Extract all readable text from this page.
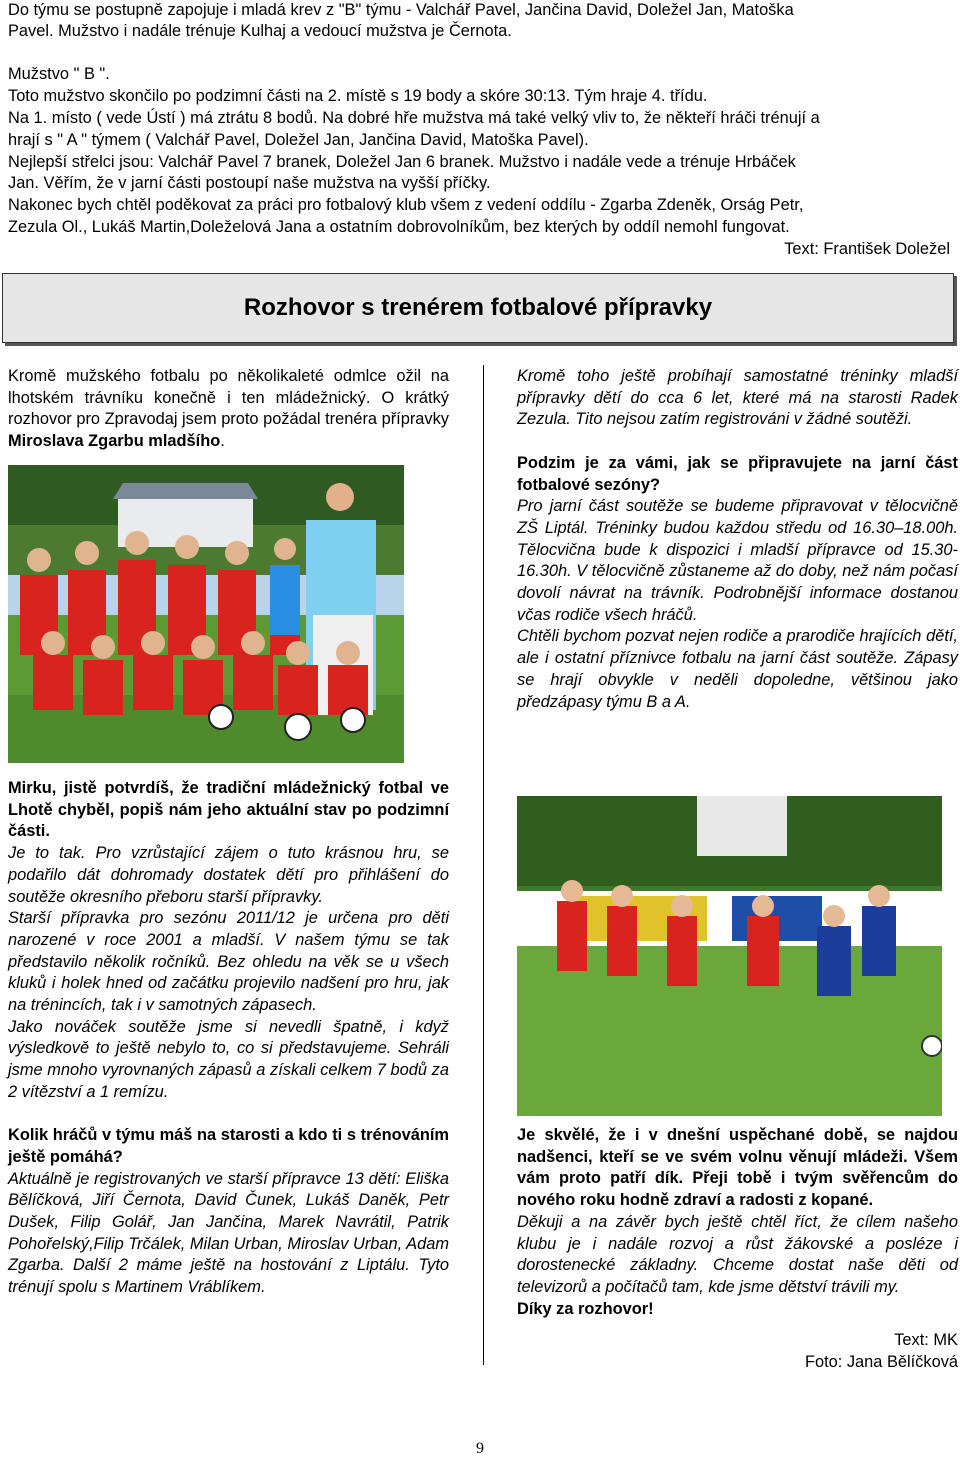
Do týmu se postupně zapojuje i mladá krev z "B" týmu - Valchář Pavel, Jančina David, Doležel Jan, Matoška

Pavel. Mužstvo i nadále trénuje Kulhaj a vedoucí mužstva je Černota.

Mužstvo " B ".

Toto mužstvo skončilo po podzimní části na 2. místě s 19 body a skóre 30:13. Tým hraje 4. třídu.

Na 1. místo ( vede Ústí ) má ztrátu 8 bodů. Na dobré hře mužstva má také velký vliv to, že někteří hráči trénují a

hrají s " A " týmem ( Valchář Pavel, Doležel Jan, Jančina David, Matoška Pavel).

Nejlepší střelci jsou: Valchář Pavel 7 branek, Doležel Jan 6 branek. Mužstvo i nadále vede a trénuje Hrbáček

Jan. Věřím, že v jarní části postoupí naše mužstva na vyšší příčky.

Nakonec bych chtěl poděkovat za práci pro fotbalový klub všem z vedení oddílu - Zgarba Zdeněk, Orság Petr,

Zezula Ol., Lukáš Martin,Doleželová Jana a ostatním dobrovolníkům, bez kterých by oddíl nemohl fungovat.

Text: František Doležel

Rozhovor s trenérem fotbalové přípravky

Kromě mužského fotbalu po několikaleté odmlce ožil na lhotském trávníku konečně i ten mládežnický. O krátký rozhovor pro Zpravodaj jsem proto požádal trenéra přípravky Miroslava Zgarbu mladšího.

Mirku, jistě potvrdíš, že tradiční mládežnický fotbal ve Lhotě chyběl, popiš nám jeho aktuální stav po podzimní části.

Je to tak. Pro vzrůstající zájem o tuto krásnou hru, se podařilo dát dohromady dostatek dětí pro přihlášení do soutěže okresního přeboru starší přípravky.

Starší přípravka pro sezónu 2011/12 je určena pro děti narozené v roce 2001 a mladší. V našem týmu se tak představilo několik ročníků. Bez ohledu na věk se u všech kluků i holek hned od začátku projevilo nadšení pro hru, jak na trénincích, tak i v samotných zápasech.

Jako nováček soutěže jsme si nevedli špatně, i když výsledkově to ještě nebylo to, co si představujeme. Sehráli jsme mnoho vyrovnaných zápasů a získali celkem 7 bodů za 2 vítězství a 1 remízu.

Kolik hráčů v týmu máš na starosti a kdo ti s trénováním ještě pomáhá?

Aktuálně je registrovaných ve starší přípravce 13 dětí: Eliška Bělíčková, Jiří Černota, David Čunek, Lukáš Daněk, Petr Dušek, Filip Golář, Jan Jančina, Marek Navrátil, Patrik Pohořelský,Filip Trčálek, Milan Urban, Miroslav Urban, Adam Zgarba. Další 2 máme ještě na hostování z Liptálu. Tyto trénují spolu s Martinem Vráblíkem.

Kromě toho ještě probíhají samostatné tréninky mladší přípravky dětí do cca 6 let, které má na starosti Radek Zezula. Tito nejsou zatím registrováni v žádné soutěži.

Podzim je za vámi, jak se připravujete na jarní část fotbalové sezóny?

Pro jarní část soutěže se budeme připravovat v tělocvičně ZŠ Liptál. Tréninky budou každou středu od 16.30–18.00h. Tělocvična bude k dispozici i mladší přípravce od 15.30-16.30h. V tělocvičně zůstaneme až do doby, než nám počasí dovolí návrat na trávník. Podrobnější informace dostanou včas rodiče všech hráčů.

Chtěli bychom pozvat nejen rodiče a prarodiče hrajících dětí, ale i ostatní příznivce fotbalu na jarní část soutěže. Zápasy se hrají obvykle v neděli dopoledne, většinou jako předzápasy týmu B a A.

Je skvělé, že i v dnešní uspěchané době, se najdou nadšenci, kteří se ve svém volnu věnují mládeži. Všem vám proto patří dík. Přeji tobě i tvým svěřencům do nového roku hodně zdraví a radosti z kopané.

Děkuji a na závěr bych ještě chtěl říct, že cílem našeho klubu je i nadále rozvoj a růst žákovské a posléze i dorostenecké základny. Chceme dostat naše děti od televizorů a počítačů tam, kde jsme dětství trávili my.

Díky za rozhovor!

Text: MK

Foto: Jana Bělíčková

9
